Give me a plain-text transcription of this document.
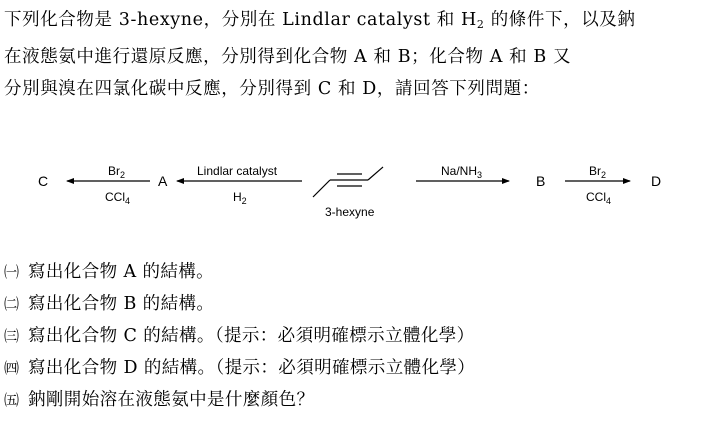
下列化合物是 3-hexyne，分別在 Lindlar catalyst 和 $H_2$ 的條件下，以及鈉
在液態氨中進行還原反應，分別得到化合物 A 和 B；化合物 A 和 B 又
分別與溴在四氯化碳中反應，分別得到 C 和 D，請回答下列問題：
C	A	B	D
$Br_2$
CCl$_4$
Lindlar catalyst
$H_2$
3-hexyne
$Na/NH_3$	$Br_2$
CCl$_4$
㈠ 寫出化合物 A 的結構。
㈡ 寫出化合物 B 的結構。
㈢ 寫出化合物 C 的結構。（提示：必須明確標示立體化學）
㈣ 寫出化合物 D 的結構。（提示：必須明確標示立體化學）
㈤ 鈉剛開始溶在液態氨中是什麼顏色？
